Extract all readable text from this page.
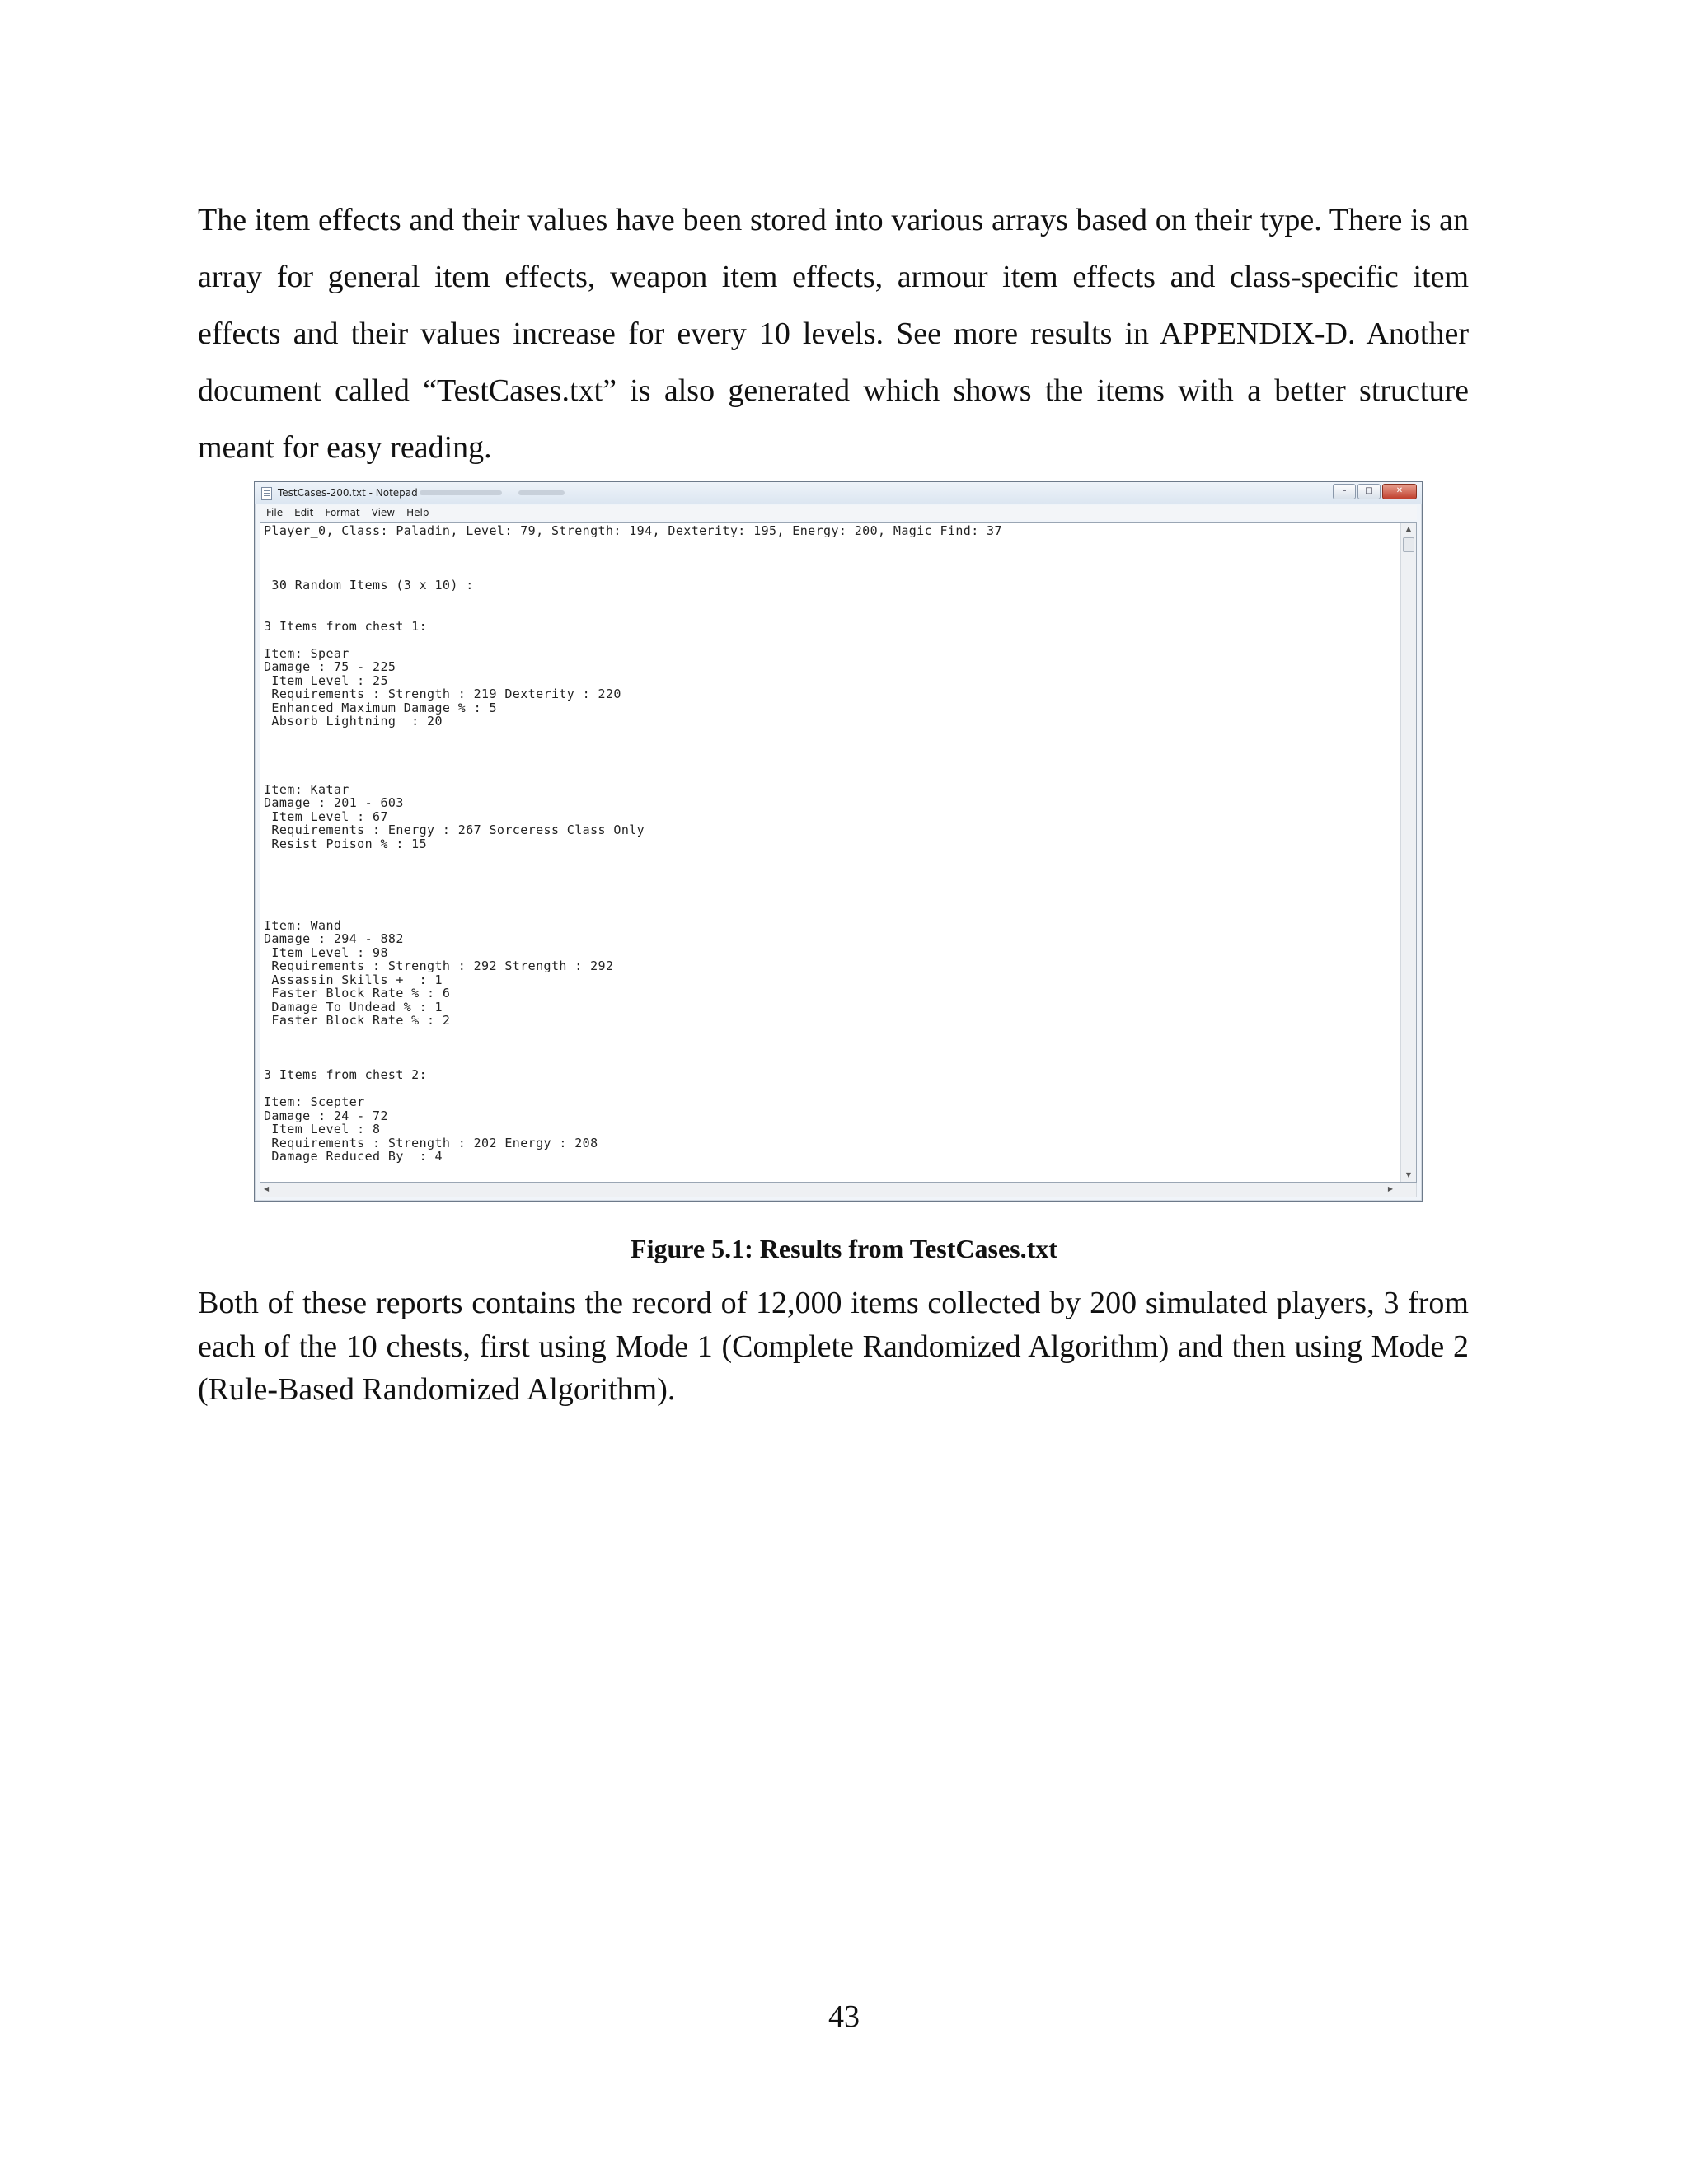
The item effects and their values have been stored into various arrays based on their type. There is an array for general item effects, weapon item effects, armour item effects and class-specific item effects and their values increase for every 10 levels. See more results in APPENDIX-D. Another document called “TestCases.txt” is also generated which shows the items with a better structure meant for easy reading.
TestCases-200.txt - Notepad	–	□	✕
File Edit Format View Help
Player_0, Class: Paladin, Level: 79, Strength: 194, Dexterity: 195, Energy: 200, Magic Find: 37

30 Random Items (3 x 10) :

3 Items from chest 1:

Item: Spear
Damage : 75 - 225
Item Level : 25
Requirements : Strength : 219 Dexterity : 220
Enhanced Maximum Damage % : 5
Absorb Lightning  : 20

Item: Katar
Damage : 201 - 603
Item Level : 67
Requirements : Energy : 267 Sorceress Class Only
Resist Poison % : 15

Item: Wand
Damage : 294 - 882
Item Level : 98
Requirements : Strength : 292 Strength : 292
Assassin Skills +  : 1
Faster Block Rate % : 6
Damage To Undead % : 1
Faster Block Rate % : 2

3 Items from chest 2:

Item: Scepter
Damage : 24 - 72
Item Level : 8
Requirements : Strength : 202 Energy : 208
Damage Reduced By  : 4
▲
▼
◀	▶
Figure 5.1: Results from TestCases.txt
Both of these reports contains the record of 12,000 items collected by 200 simulated players, 3 from each of the 10 chests, first using Mode 1 (Complete Randomized Algorithm) and then using Mode 2 (Rule-Based Randomized Algorithm).
43
